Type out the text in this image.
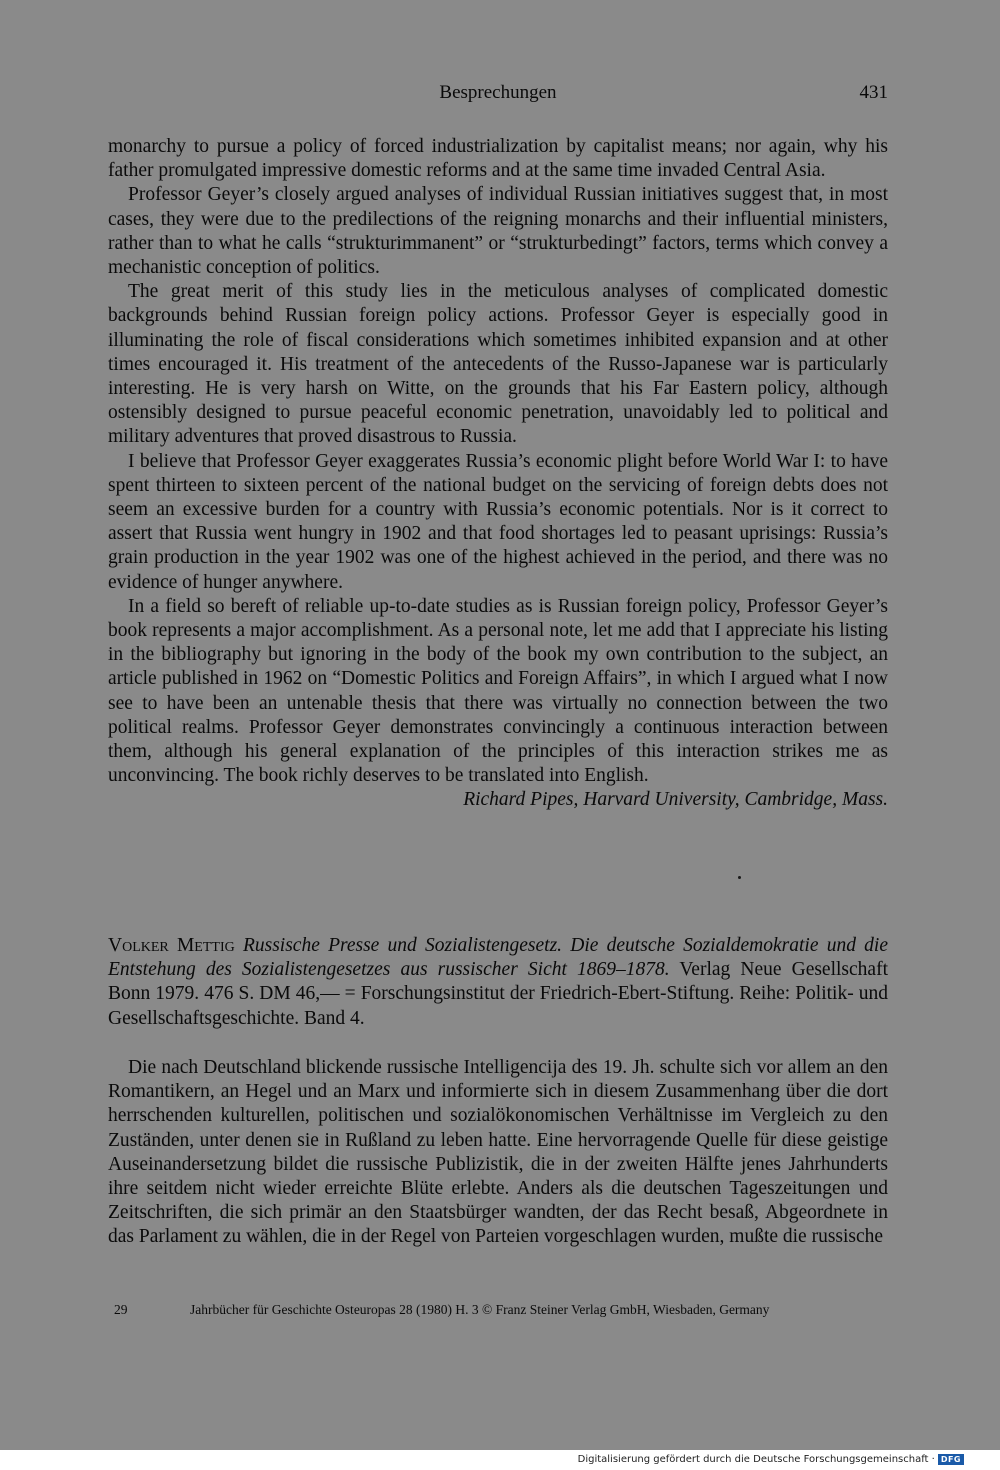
Besprechungen	431

monarchy to pursue a policy of forced industrialization by capitalist means; nor again, why his father promulgated impressive domestic reforms and at the same time invaded Central Asia.

Professor Geyer’s closely argued analyses of individual Russian initiatives suggest that, in most cases, they were due to the predilections of the reigning monarchs and their influential ministers, rather than to what he calls “strukturimmanent” or “strukturbedingt” factors, terms which convey a mechanistic conception of politics.

The great merit of this study lies in the meticulous analyses of complicated domestic backgrounds behind Russian foreign policy actions. Professor Geyer is especially good in illuminating the role of fiscal considerations which sometimes inhibited expansion and at other times encouraged it. His treatment of the antecedents of the Russo-Japanese war is particularly interesting. He is very harsh on Witte, on the grounds that his Far Eastern policy, although ostensibly designed to pursue peaceful economic penetration, unavoidably led to political and military adventures that proved disastrous to Russia.

I believe that Professor Geyer exaggerates Russia’s economic plight before World War I: to have spent thirteen to sixteen percent of the national budget on the servicing of foreign debts does not seem an excessive burden for a country with Russia’s economic potentials. Nor is it correct to assert that Russia went hungry in 1902 and that food shortages led to peasant uprisings: Russia’s grain production in the year 1902 was one of the highest achieved in the period, and there was no evidence of hunger anywhere.

In a field so bereft of reliable up-to-date studies as is Russian foreign policy, Professor Geyer’s book represents a major accomplishment. As a personal note, let me add that I appreciate his listing in the bibliography but ignoring in the body of the book my own contribution to the subject, an article published in 1962 on “Domestic Politics and Foreign Affairs”, in which I argued what I now see to have been an untenable thesis that there was virtually no connection between the two political realms. Professor Geyer demonstrates convincingly a continuous interaction between them, although his general explanation of the principles of this interaction strikes me as unconvincing. The book richly deserves to be translated into English.

Richard Pipes, Harvard University, Cambridge, Mass.

Volker Mettig Russische Presse und Sozialistengesetz. Die deutsche Sozialdemokratie und die Entstehung des Sozialistengesetzes aus russischer Sicht 1869–1878. Verlag Neue Gesellschaft Bonn 1979. 476 S. DM 46,— = Forschungsinstitut der Friedrich-Ebert-Stiftung. Reihe: Politik- und Gesellschaftsgeschichte. Band 4.

Die nach Deutschland blickende russische Intelligencija des 19. Jh. schulte sich vor allem an den Romantikern, an Hegel und an Marx und informierte sich in diesem Zusammenhang über die dort herrschenden kulturellen, politischen und sozialökonomischen Verhältnisse im Vergleich zu den Zuständen, unter denen sie in Rußland zu leben hatte. Eine hervorragende Quelle für diese geistige Auseinandersetzung bildet die russische Publizistik, die in der zweiten Hälfte jenes Jahrhunderts ihre seitdem nicht wieder erreichte Blüte erlebte. Anders als die deutschen Tageszeitungen und Zeitschriften, die sich primär an den Staatsbürger wandten, der das Recht besaß, Abgeordnete in das Parlament zu wählen, die in der Regel von Parteien vorgeschlagen wurden, mußte die russische

29	Jahrbücher für Geschichte Osteuropas 28 (1980) H. 3 © Franz Steiner Verlag GmbH, Wiesbaden, Germany
Digitalisierung gefördert durch die Deutsche Forschungsgemeinschaft · DFG
